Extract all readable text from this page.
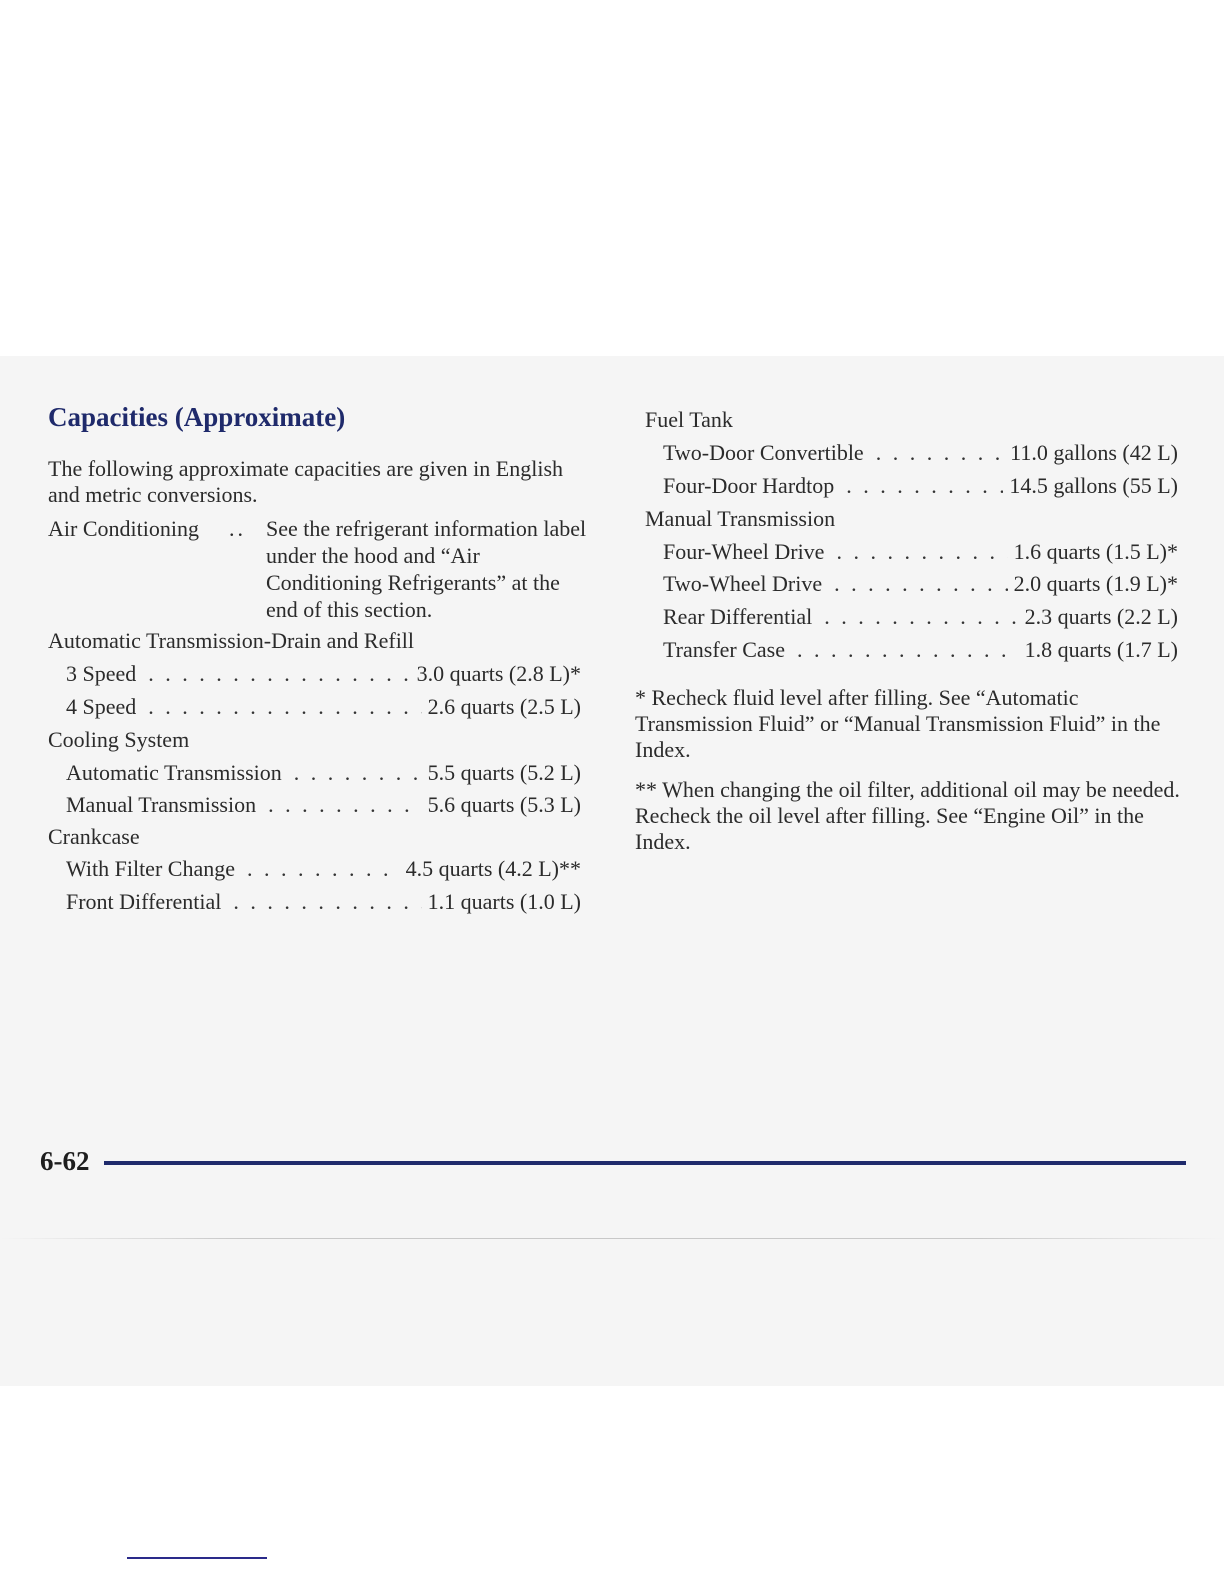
Capacities (Approximate)
The following approximate capacities are given in English and metric conversions.
Air Conditioning .. See the refrigerant information label under the hood and “Air Conditioning Refrigerants” at the end of this section.
Automatic Transmission-Drain and Refill
3 Speed . . .	3.0 quarts (2.8 L)*
4 Speed . . .	2.6 quarts (2.5 L)
Cooling System
Automatic Transmission . . .	5.5 quarts (5.2 L)
Manual Transmission . . .	5.6 quarts (5.3 L)
Crankcase
With Filter Change . . .	4.5 quarts (4.2 L)**
Front Differential . . .	1.1 quarts (1.0 L)
Fuel Tank
Two-Door Convertible . . .	11.0 gallons (42 L)
Four-Door Hardtop . . .	14.5 gallons (55 L)
Manual Transmission
Four-Wheel Drive . . .	1.6 quarts (1.5 L)*
Two-Wheel Drive . . .	2.0 quarts (1.9 L)*
Rear Differential . . .	2.3 quarts (2.2 L)
Transfer Case . . .	1.8 quarts (1.7 L)
* Recheck fluid level after filling. See “Automatic Transmission Fluid” or “Manual Transmission Fluid” in the Index.
** When changing the oil filter, additional oil may be needed. Recheck the oil level after filling. See “Engine Oil” in the Index.
6-62
